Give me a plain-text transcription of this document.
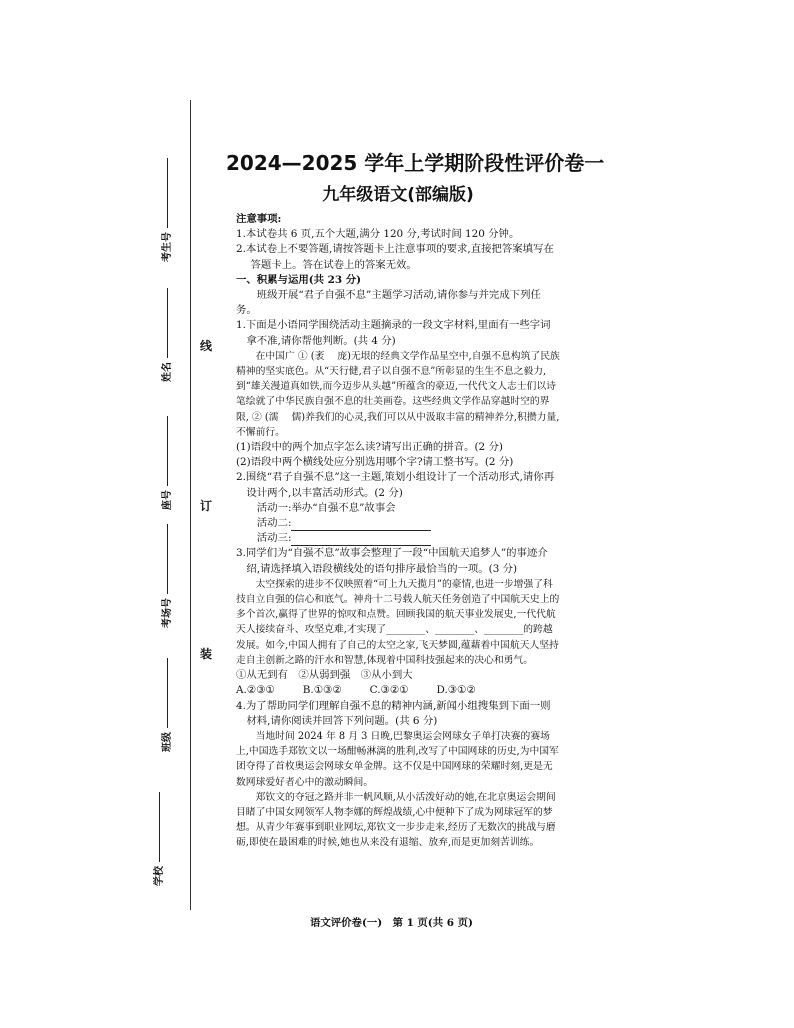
线
订
装
考生号
姓名
座号
考场号
班级
学校
2024—2025 学年上学期阶段性评价卷一
九年级语文(部编版)

注意事项:

1.本试卷共 6 页,五个大题,满分 120 分,考试时间 120 分钟。

2.本试卷上不要答题,请按答题卡上注意事项的要求,直接把答案填写在答题卡上。答在试卷上的答案无效。

一、积累与运用(共 23 分)

班级开展“君子自强不息”主题学习活动,请你参与并完成下列任务。

1.下面是小语同学围绕活动主题摘录的一段文字材料,里面有一些字词拿不准,请你帮他判断。(共 4 分)

在中国广 ① (袤 　庞)无垠的经典文学作品星空中,自强不息构筑了民族精神的坚实底色。从“天行健,君子以自强不息”所彰显的生生不息之毅力,到“雄关漫道真如铁,而今迈步从头越”所蕴含的豪迈,一代代文人志士们以诗笔绘就了中华民族自强不息的壮美画卷。这些经典文学作品穿越时空的界限, ② (濡 　儒)养我们的心灵,我们可以从中汲取丰富的精神养分,积攒力量,不懈前行。

(1)语段中的两个加点字怎么读?请写出正确的拼音。(2 分)

(2)语段中两个横线处应分别选用哪个字?请工整书写。(2 分)

2.围绕“君子自强不息”这一主题,策划小组设计了一个活动形式,请你再设计两个,以丰富活动形式。(2 分)

活动一:举办“自强不息”故事会

活动二:

活动三:

3.同学们为“自强不息”故事会整理了一段“中国航天追梦人”的事迹介绍,请选择填入语段横线处的语句排序最恰当的一项。(3 分)

太空探索的进步不仅映照着“可上九天揽月”的豪情,也进一步增强了科技自立自强的信心和底气。神舟十二号载人航天任务创造了中国航天史上的多个首次,赢得了世界的惊叹和点赞。回顾我国的航天事业发展史,一代代航天人接续奋斗、攻坚克难,才实现了________、________、________的跨越发展。如今,中国人拥有了自己的太空之家,飞天梦圆,蕴藉着中国航天人坚持走自主创新之路的汗水和智慧,体现着中国科技强起来的决心和勇气。

①从无到有　②从弱到强　③从小到大

A.②③①	B.①③②	C.③②①	D.③①②

4.为了帮助同学们理解自强不息的精神内涵,新闻小组搜集到下面一则材料,请你阅读并回答下列问题。(共 6 分)

当地时间 2024 年 8 月 3 日晚,巴黎奥运会网球女子单打决赛的赛场上,中国选手郑钦文以一场酣畅淋漓的胜利,改写了中国网球的历史,为中国军团夺得了首枚奥运会网球女单金牌。这不仅是中国网球的荣耀时刻,更是无数网球爱好者心中的激动瞬间。

郑钦文的夺冠之路并非一帆风顺,从小活泼好动的她,在北京奥运会期间目睹了中国女网领军人物李娜的辉煌战绩,心中便种下了成为网球冠军的梦想。从青少年赛事到职业网坛,郑钦文一步步走来,经历了无数次的挑战与磨砺,即使在最困难的时候,她也从来没有退缩、放弃,而是更加刻苦训练。

语文评价卷(一)　第 1 页(共 6 页)
